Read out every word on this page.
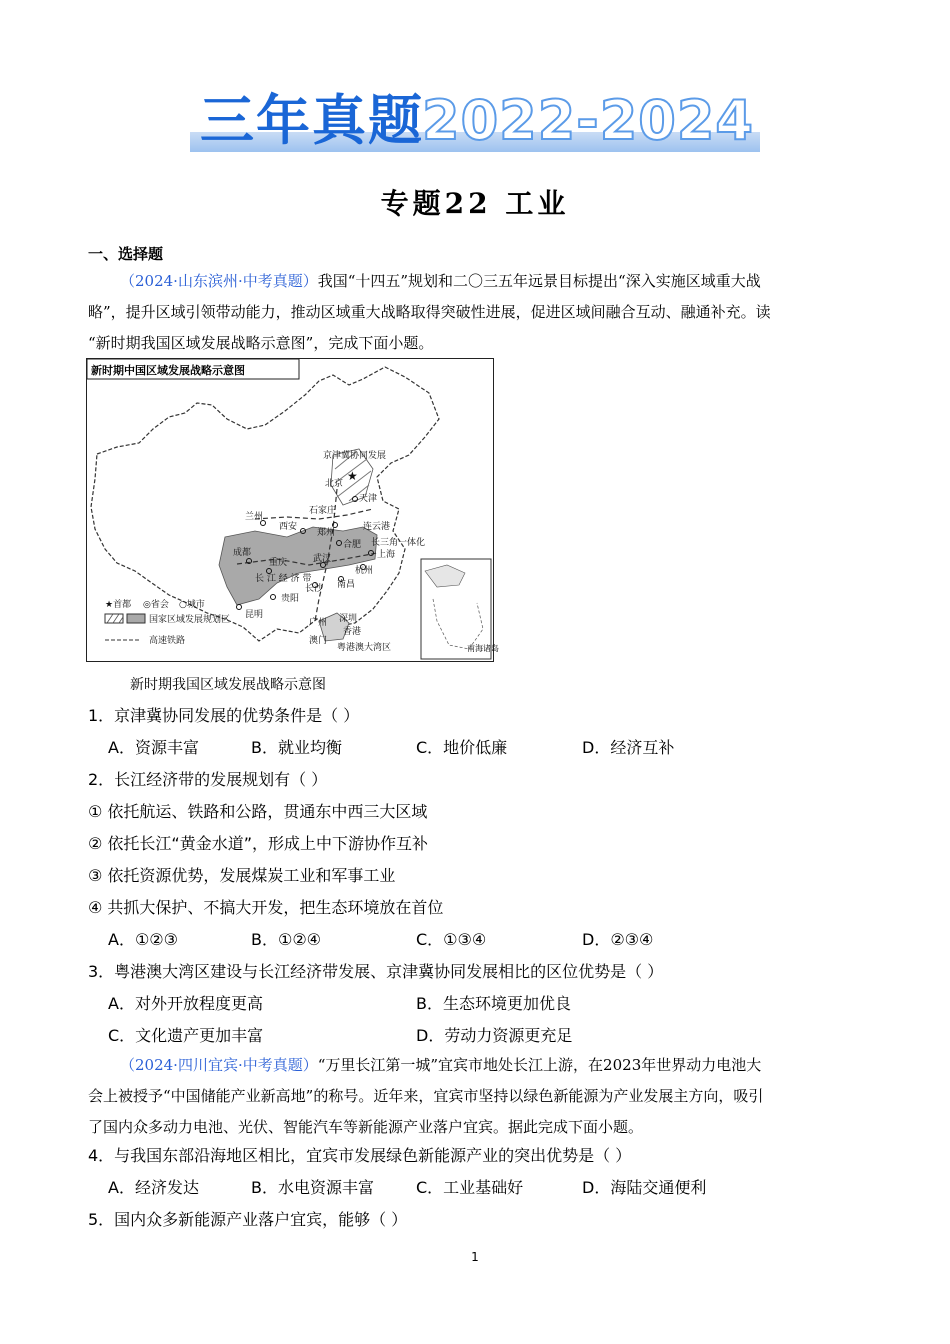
三年真题
2022-2024
专题22 工业
一、选择题
（2024·山东滨州·中考真题）我国“十四五”规划和二〇三五年远景目标提出“深入实施区域重大战
略”，提升区域引领带动能力，推动区域重大战略取得突破性进展，促进区域间融合互动、融通补充。读
“新时期我国区域发展战略示意图”，完成下面小题。
新时期中国区域发展战略示意图
京津冀协同发展
北京
★
天津
兰州
石家庄
西安
郑州
连云港
长三角一体化
合肥
上海
武汉
杭州
成都
重庆
贵阳
长沙 南昌
昆明
广州 深圳
香港
澳门
粤港澳大湾区
长 江 经 济 带
★首都 ◎省会 ○城市
国家区域发展规划区
高速铁路
南海诸岛
新时期我国区域发展战略示意图
1．京津冀协同发展的优势条件是（ ）
A．资源丰富	B．就业均衡	C．地价低廉	D．经济互补
2．长江经济带的发展规划有（ ）
① 依托航运、铁路和公路，贯通东中西三大区域
② 依托长江“黄金水道”，形成上中下游协作互补
③ 依托资源优势，发展煤炭工业和军事工业
④ 共抓大保护、不搞大开发，把生态环境放在首位
A．①②③	B．①②④	C．①③④	D．②③④
3．粤港澳大湾区建设与长江经济带发展、京津冀协同发展相比的区位优势是（ ）
A．对外开放程度更高	B．生态环境更加优良
C．文化遗产更加丰富	D．劳动力资源更充足
（2024·四川宜宾·中考真题）“万里长江第一城”宜宾市地处长江上游，在2023年世界动力电池大
会上被授予“中国储能产业新高地”的称号。近年来，宜宾市坚持以绿色新能源为产业发展主方向，吸引
了国内众多动力电池、光伏、智能汽车等新能源产业落户宜宾。据此完成下面小题。
4．与我国东部沿海地区相比，宜宾市发展绿色新能源产业的突出优势是（ ）
A．经济发达	B．水电资源丰富	C．工业基础好	D．海陆交通便利
5．国内众多新能源产业落户宜宾，能够（ ）
1
